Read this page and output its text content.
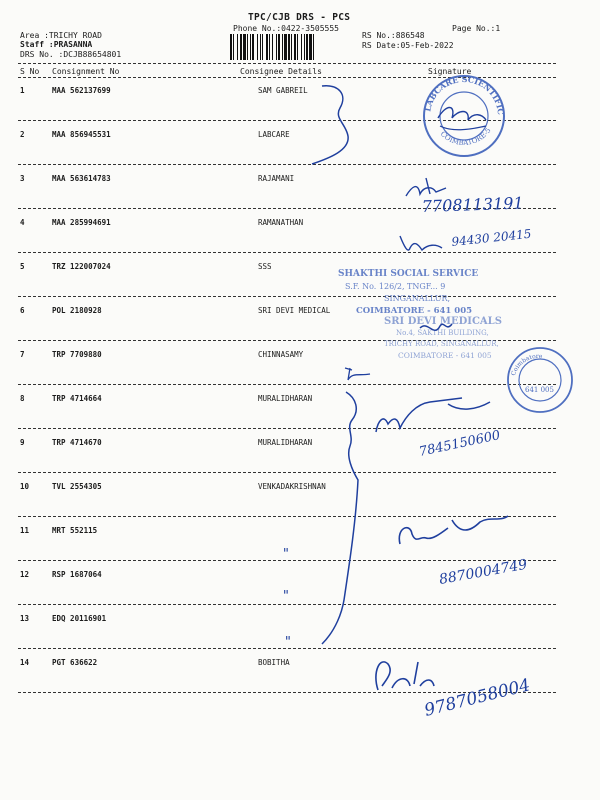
TPC/CJB DRS - PCS
Phone No.:0422-3505555	Page No.:1
Area :TRICHY ROAD
Staff :PRASANNA
DRS No. :DCJB88654801
RS No.:886548
RS Date:05-Feb-2022
S No Consignment No	Consignee Details	Signature
1	MAA 562137699	SAM GABREIL
2	MAA 856945531	LABCARE
3	MAA 563614783	RAJAMANI
4	MAA 285994691	RAMANATHAN
5	TRZ 122007024	SSS
6	POL 2180928	SRI DEVI MEDICAL
7	TRP 7709880	CHINNASAMY
8	TRP 4714664	MURALIDHARAN
9	TRP 4714670	MURALIDHARAN
10	TVL 2554305	VENKADAKRISHNAN
11	MRT 552115
12	RSP 1687064
13	EDQ 20116901
14	PGT 636622	BOBITHA
LABCARE SCIENTIFIC
COIMBATORE-5
7708113191
94430 20415
SHAKTHI SOCIAL SERVICE
S.F. No. 126/2, TNGF... 9
SINGANALLUR,
COIMBATORE - 641 005
SRI DEVI MEDICALS
No.4, SAKTHI BUILDING,
TRICHY ROAD, SINGANALLUR,
COIMBATORE - 641 005
Coimbatore
641 005
7845150600
8870004749
"
"
"
9787058004
